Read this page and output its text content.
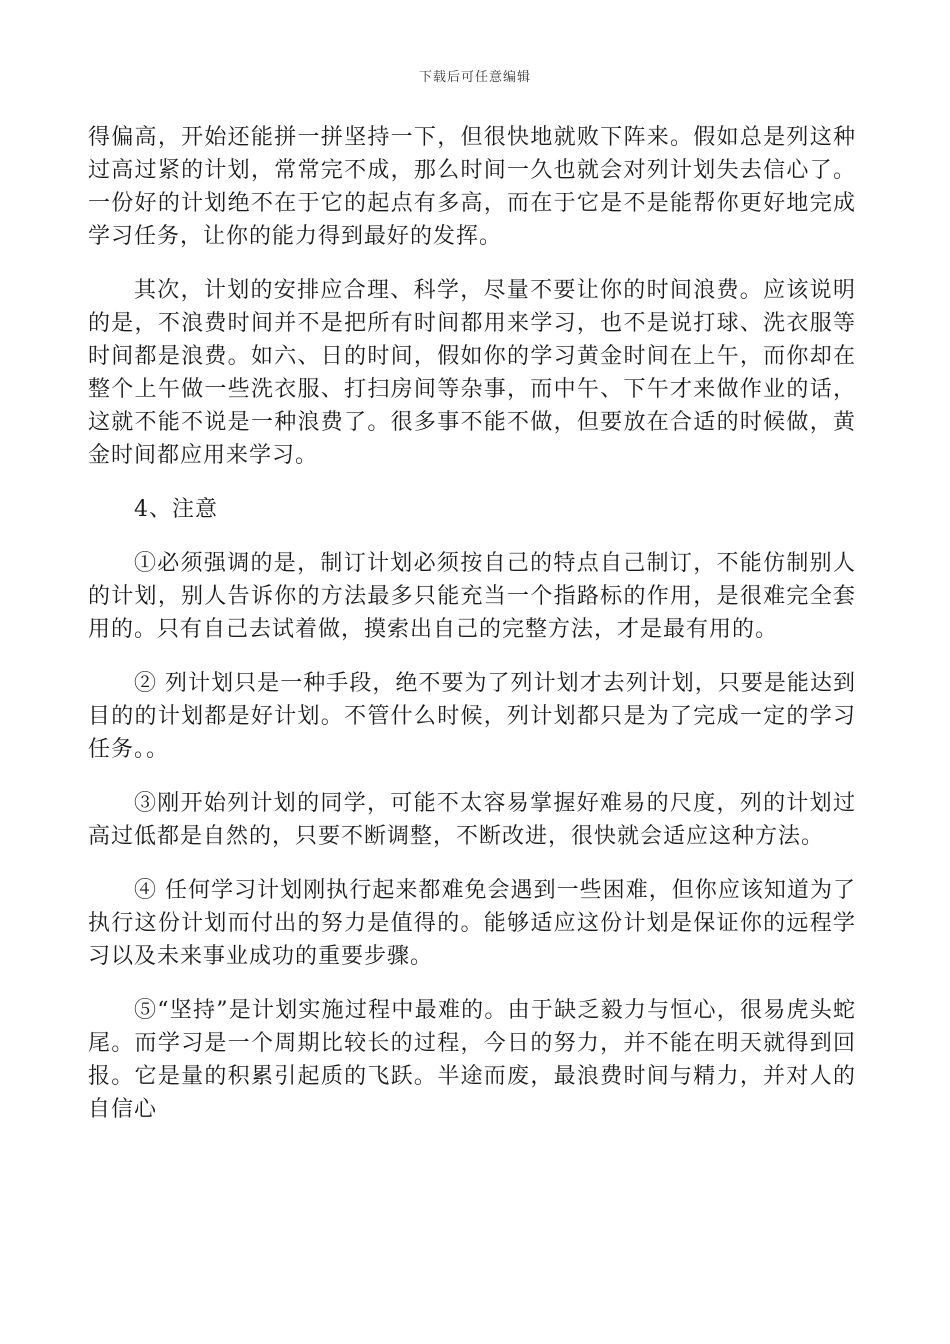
下载后可任意编辑

得偏高，开始还能拼一拼坚持一下，但很快地就败下阵来。假如总是列这种过高过紧的计划，常常完不成，那么时间一久也就会对列计划失去信心了。一份好的计划绝不在于它的起点有多高，而在于它是不是能帮你更好地完成学习任务，让你的能力得到最好的发挥。

其次，计划的安排应合理、科学，尽量不要让你的时间浪费。应该说明的是，不浪费时间并不是把所有时间都用来学习，也不是说打球、洗衣服等时间都是浪费。如六、日的时间，假如你的学习黄金时间在上午，而你却在整个上午做一些洗衣服、打扫房间等杂事，而中午、下午才来做作业的话，这就不能不说是一种浪费了。很多事不能不做，但要放在合适的时候做，黄金时间都应用来学习。

4、注意

①必须强调的是，制订计划必须按自己的特点自己制订，不能仿制别人的计划，别人告诉你的方法最多只能充当一个指路标的作用，是很难完全套用的。只有自己去试着做，摸索出自己的完整方法，才是最有用的。

② 列计划只是一种手段，绝不要为了列计划才去列计划，只要是能达到目的的计划都是好计划。不管什么时候，列计划都只是为了完成一定的学习任务。。

③刚开始列计划的同学，可能不太容易掌握好难易的尺度，列的计划过高过低都是自然的，只要不断调整，不断改进，很快就会适应这种方法。

④ 任何学习计划刚执行起来都难免会遇到一些困难，但你应该知道为了执行这份计划而付出的努力是值得的。能够适应这份计划是保证你的远程学习以及未来事业成功的重要步骤。

⑤“坚持”是计划实施过程中最难的。由于缺乏毅力与恒心，很易虎头蛇尾。而学习是一个周期比较长的过程，今日的努力，并不能在明天就得到回报。它是量的积累引起质的飞跃。半途而废，最浪费时间与精力，并对人的自信心
